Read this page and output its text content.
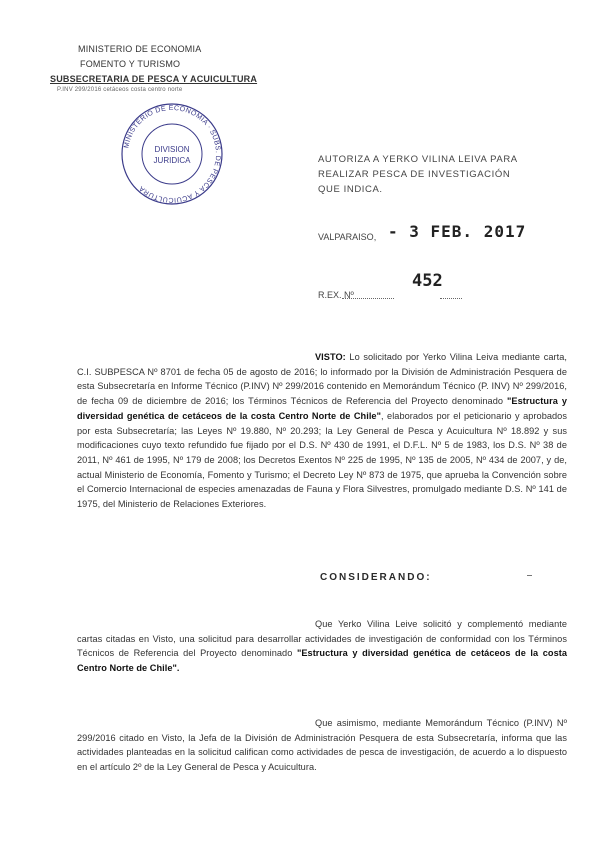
MINISTERIO DE ECONOMIA
FOMENTO Y TURISMO
SUBSECRETARIA DE PESCA Y ACUICULTURA
P.INV 299/2016 cetáceos costa centro norte
MINISTERIO DE ECONOMIA · SUBS. DE PESCA Y ACUICULTURA
DIVISION
JURIDICA	AUTORIZA A YERKO VILINA LEIVA PARA REALIZAR PESCA DE INVESTIGACIÓN QUE INDICA.
VALPARAISO, - 3 FEB. 2017
R.EX. Nº
452
VISTO: Lo solicitado por Yerko Vilina Leiva mediante carta, C.I. SUBPESCA Nº 8701 de fecha 05 de agosto de 2016; lo informado por la División de Administración Pesquera de esta Subsecretaría en Informe Técnico (P.INV) Nº 299/2016 contenido en Memorándum Técnico (P. INV) Nº 299/2016, de fecha 09 de diciembre de 2016; los Términos Técnicos de Referencia del Proyecto denominado "Estructura y diversidad genética de cetáceos de la costa Centro Norte de Chile", elaborados por el peticionario y aprobados por esta Subsecretaría; las Leyes Nº 19.880, Nº 20.293; la Ley General de Pesca y Acuicultura Nº 18.892 y sus modificaciones cuyo texto refundido fue fijado por el D.S. Nº 430 de 1991, el D.F.L. Nº 5 de 1983, los D.S. Nº 38 de 2011, Nº 461 de 1995, Nº 179 de 2008; los Decretos Exentos Nº 225 de 1995, Nº 135 de 2005, Nº 434 de 2007, y de, actual Ministerio de Economía, Fomento y Turismo; el Decreto Ley Nº 873 de 1975, que aprueba la Convención sobre el Comercio Internacional de especies amenazadas de Fauna y Flora Silvestres, promulgado mediante D.S. Nº 141 de 1975, del Ministerio de Relaciones Exteriores.
CONSIDERANDO:
Que Yerko Vilina Leive solicitó y complementó mediante cartas citadas en Visto, una solicitud para desarrollar actividades de investigación de conformidad con los Términos Técnicos de Referencia del Proyecto denominado "Estructura y diversidad genética de cetáceos de la costa Centro Norte de Chile".
Que asimismo, mediante Memorándum Técnico (P.INV) Nº 299/2016 citado en Visto, la Jefa de la División de Administración Pesquera de esta Subsecretaría, informa que las actividades planteadas en la solicitud califican como actividades de pesca de investigación, de acuerdo a lo dispuesto en el artículo 2º de la Ley General de Pesca y Acuicultura.
